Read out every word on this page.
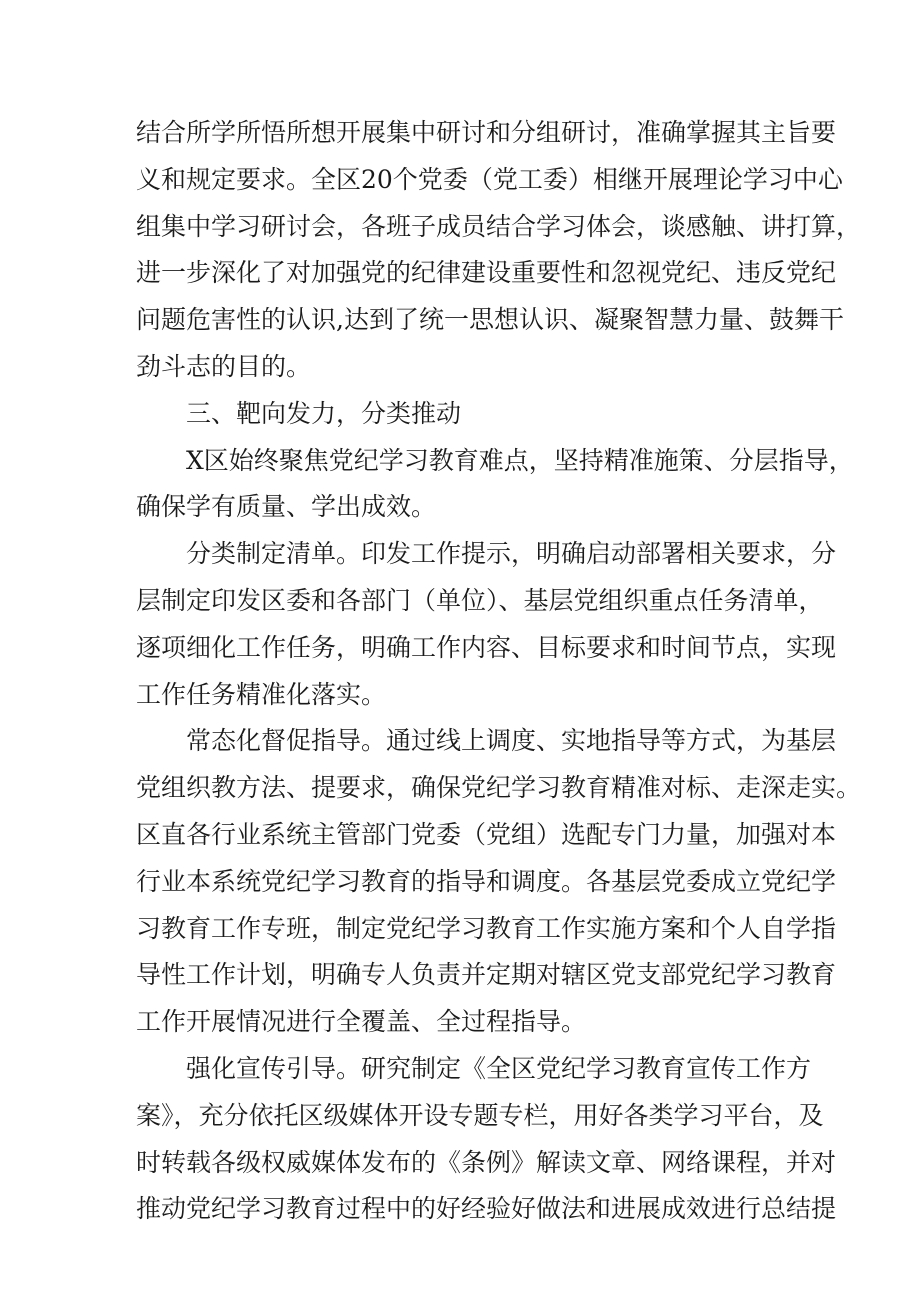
结合所学所悟所想开展集中研讨和分组研讨，准确掌握其主旨要
义和规定要求。全区20个党委（党工委）相继开展理论学习中心
组集中学习研讨会，各班子成员结合学习体会，谈感触、讲打算，
进一步深化了对加强党的纪律建设重要性和忽视党纪、违反党纪
问题危害性的认识,达到了统一思想认识、凝聚智慧力量、鼓舞干
劲斗志的目的。
三、靶向发力，分类推动
X区始终聚焦党纪学习教育难点，坚持精准施策、分层指导，
确保学有质量、学出成效。
分类制定清单。印发工作提示，明确启动部署相关要求，分
层制定印发区委和各部门（单位）、基层党组织重点任务清单，
逐项细化工作任务，明确工作内容、目标要求和时间节点，实现
工作任务精准化落实。
常态化督促指导。通过线上调度、实地指导等方式，为基层
党组织教方法、提要求，确保党纪学习教育精准对标、走深走实。
区直各行业系统主管部门党委（党组）选配专门力量，加强对本
行业本系统党纪学习教育的指导和调度。各基层党委成立党纪学
习教育工作专班，制定党纪学习教育工作实施方案和个人自学指
导性工作计划，明确专人负责并定期对辖区党支部党纪学习教育
工作开展情况进行全覆盖、全过程指导。
强化宣传引导。研究制定《全区党纪学习教育宣传工作方
案》，充分依托区级媒体开设专题专栏，用好各类学习平台，及
时转载各级权威媒体发布的《条例》解读文章、网络课程，并对
推动党纪学习教育过程中的好经验好做法和进展成效进行总结提
